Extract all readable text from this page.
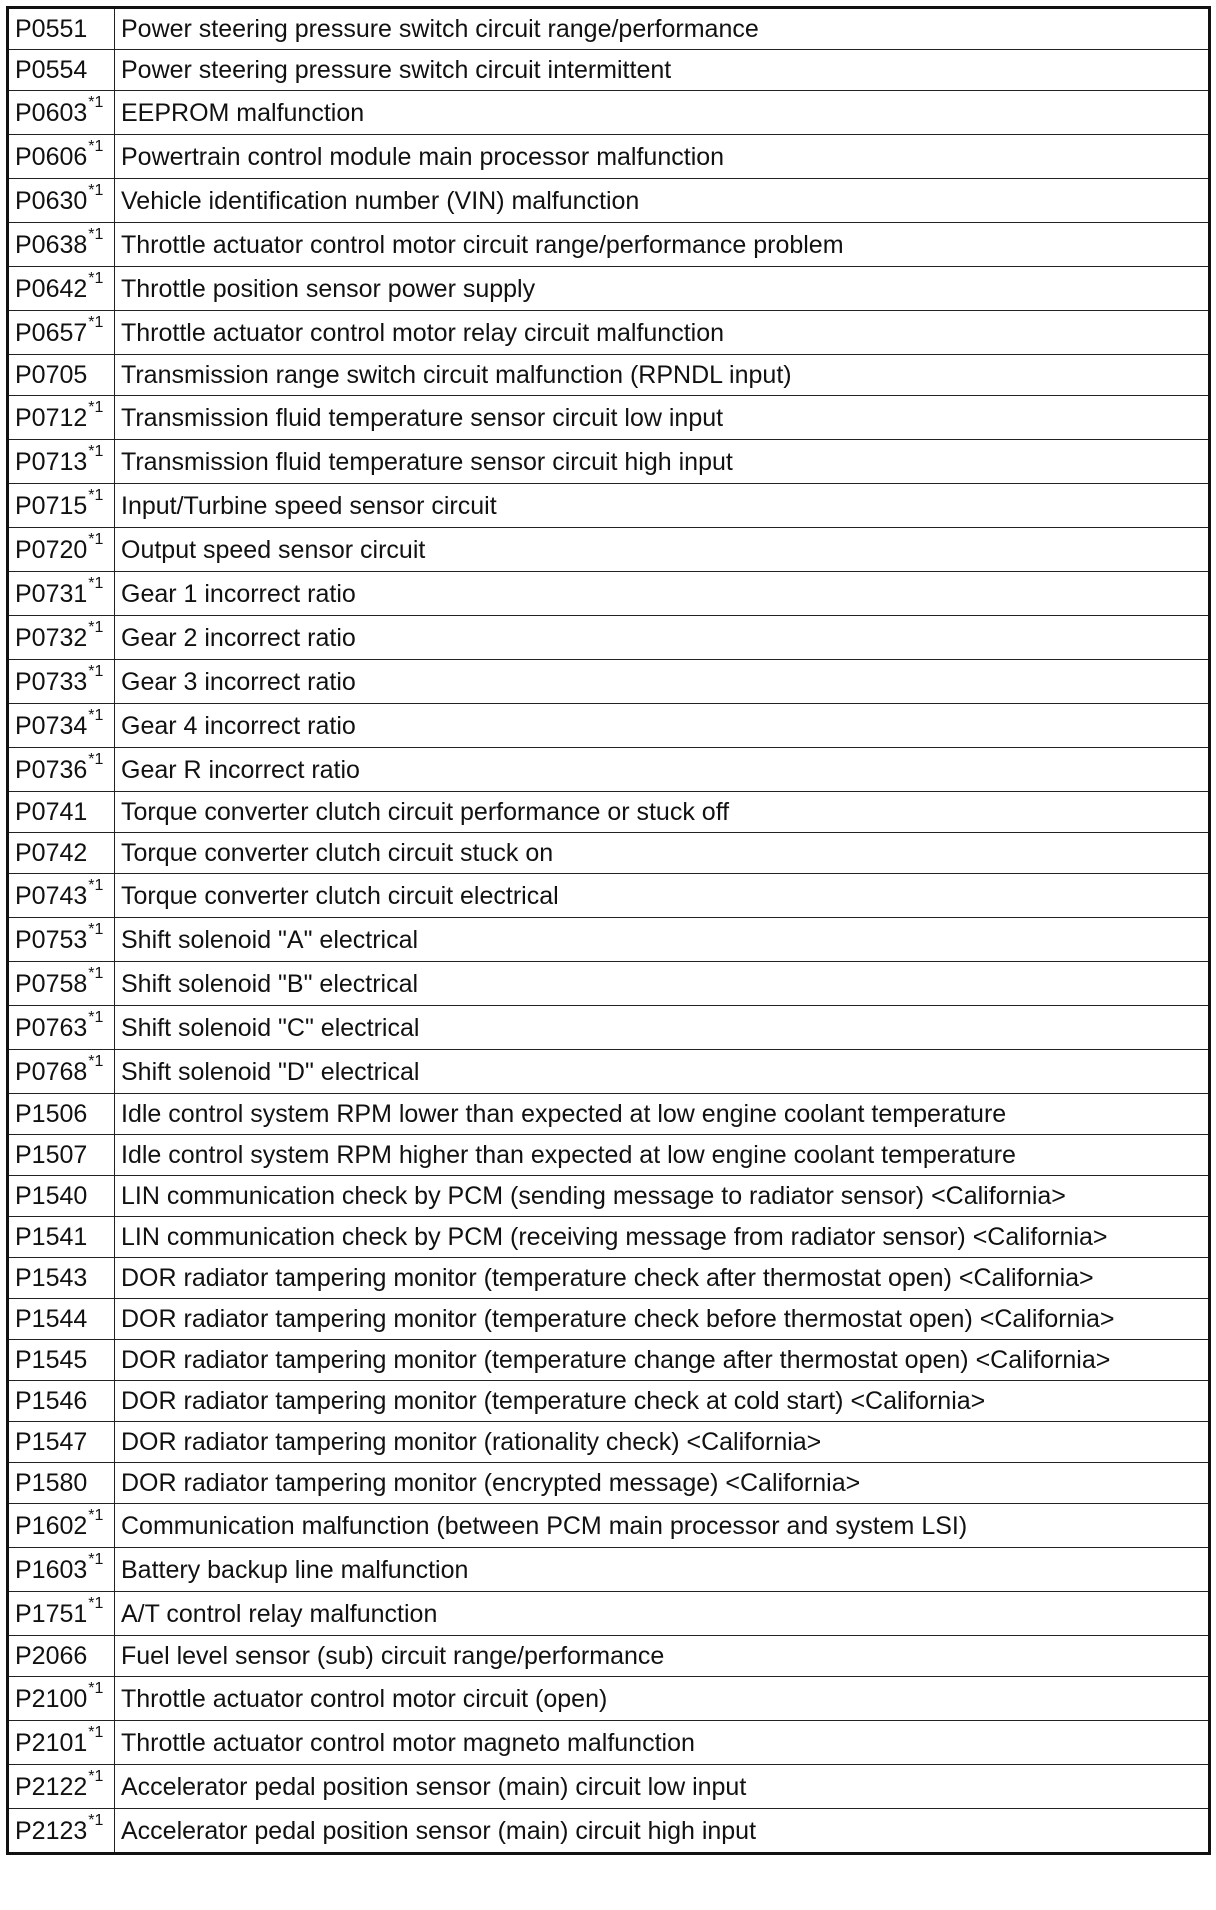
P0551	Power steering pressure switch circuit range/performance
P0554	Power steering pressure switch circuit intermittent
P0603$^{*1}$	EEPROM malfunction
P0606$^{*1}$	Powertrain control module main processor malfunction
P0630$^{*1}$	Vehicle identification number (VIN) malfunction
P0638$^{*1}$	Throttle actuator control motor circuit range/performance problem
P0642$^{*1}$	Throttle position sensor power supply
P0657$^{*1}$	Throttle actuator control motor relay circuit malfunction
P0705	Transmission range switch circuit malfunction (RPNDL input)
P0712$^{*1}$	Transmission fluid temperature sensor circuit low input
P0713$^{*1}$	Transmission fluid temperature sensor circuit high input
P0715$^{*1}$	Input/Turbine speed sensor circuit
P0720$^{*1}$	Output speed sensor circuit
P0731$^{*1}$	Gear 1 incorrect ratio
P0732$^{*1}$	Gear 2 incorrect ratio
P0733$^{*1}$	Gear 3 incorrect ratio
P0734$^{*1}$	Gear 4 incorrect ratio
P0736$^{*1}$	Gear R incorrect ratio
P0741	Torque converter clutch circuit performance or stuck off
P0742	Torque converter clutch circuit stuck on
P0743$^{*1}$	Torque converter clutch circuit electrical
P0753$^{*1}$	Shift solenoid "A" electrical
P0758$^{*1}$	Shift solenoid "B" electrical
P0763$^{*1}$	Shift solenoid "C" electrical
P0768$^{*1}$	Shift solenoid "D" electrical
P1506	Idle control system RPM lower than expected at low engine coolant temperature
P1507	Idle control system RPM higher than expected at low engine coolant temperature
P1540	LIN communication check by PCM (sending message to radiator sensor) <California>
P1541	LIN communication check by PCM (receiving message from radiator sensor) <California>
P1543	DOR radiator tampering monitor (temperature check after thermostat open) <California>
P1544	DOR radiator tampering monitor (temperature check before thermostat open) <California>
P1545	DOR radiator tampering monitor (temperature change after thermostat open) <California>
P1546	DOR radiator tampering monitor (temperature check at cold start) <California>
P1547	DOR radiator tampering monitor (rationality check) <California>
P1580	DOR radiator tampering monitor (encrypted message) <California>
P1602$^{*1}$	Communication malfunction (between PCM main processor and system LSI)
P1603$^{*1}$	Battery backup line malfunction
P1751$^{*1}$	A/T control relay malfunction
P2066	Fuel level sensor (sub) circuit range/performance
P2100$^{*1}$	Throttle actuator control motor circuit (open)
P2101$^{*1}$	Throttle actuator control motor magneto malfunction
P2122$^{*1}$	Accelerator pedal position sensor (main) circuit low input
P2123$^{*1}$	Accelerator pedal position sensor (main) circuit high input
